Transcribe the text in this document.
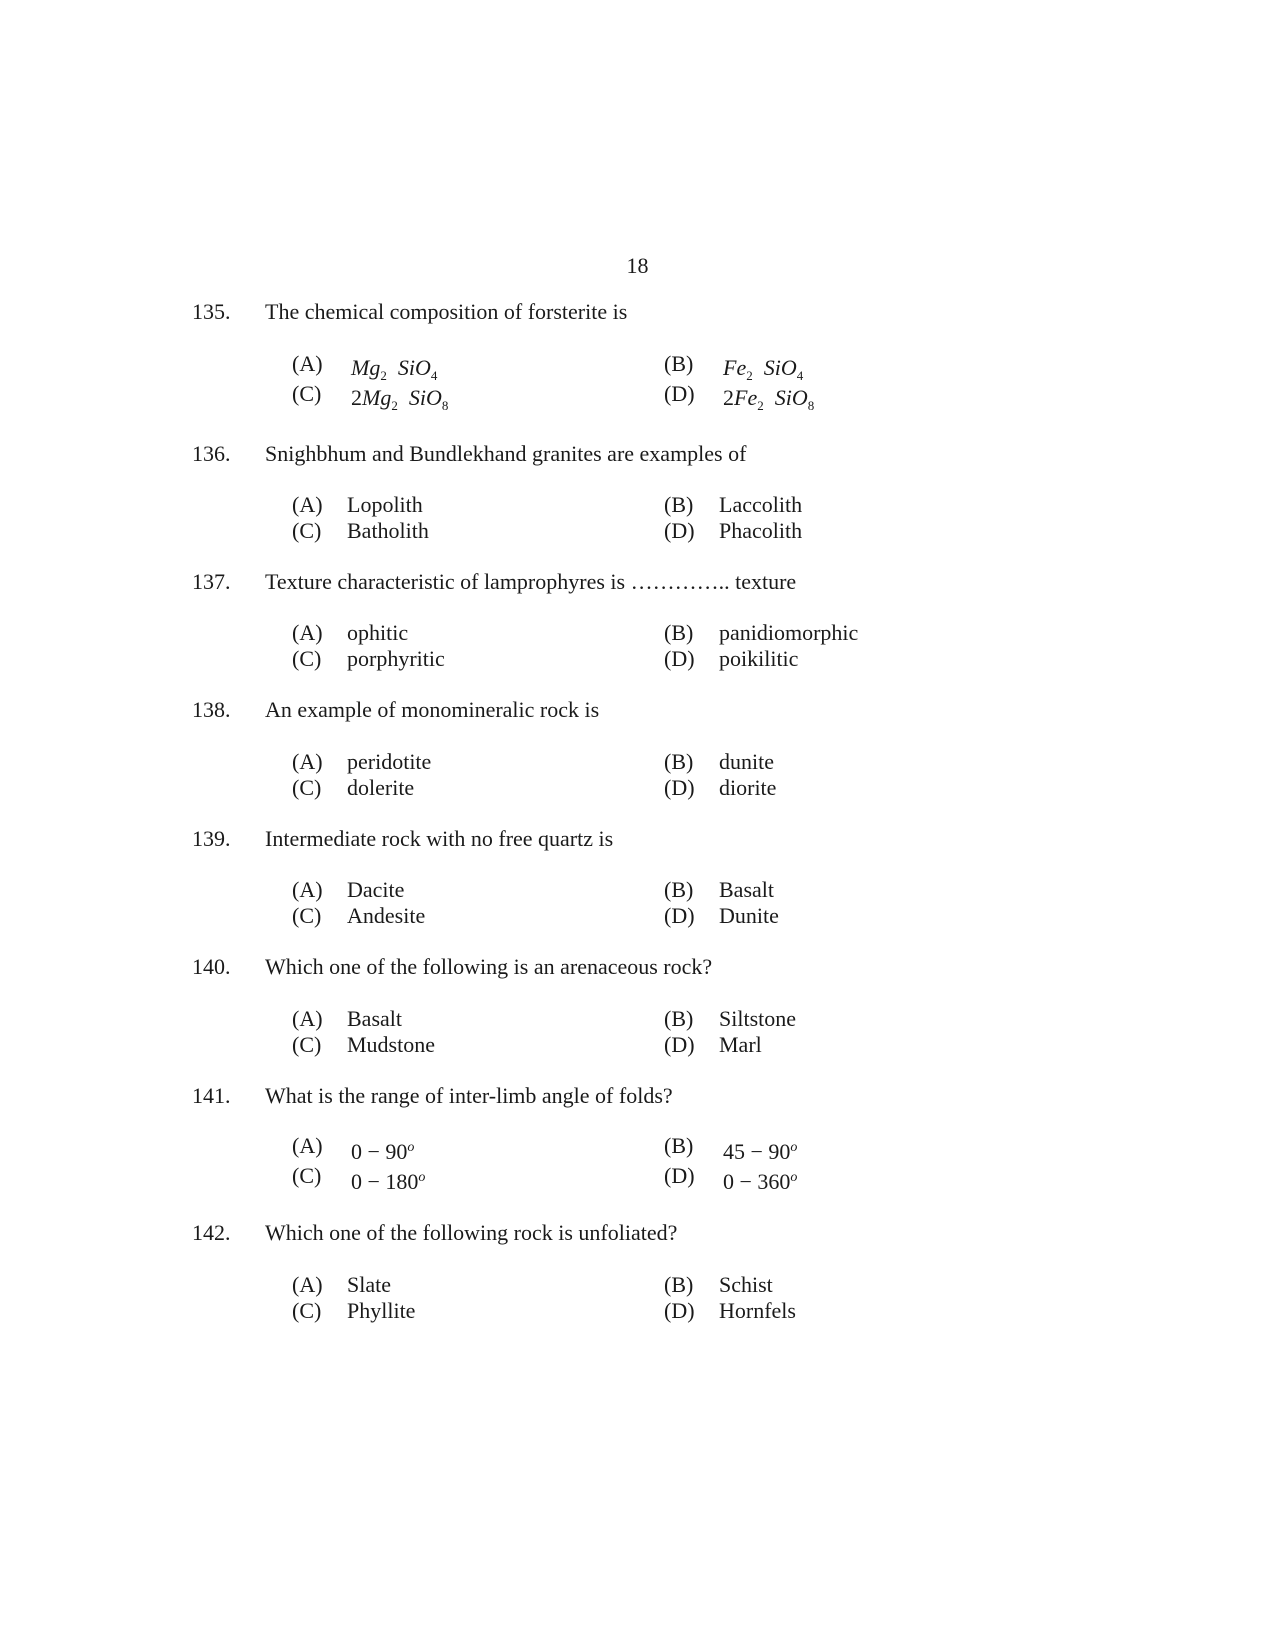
18
135. The chemical composition of forsterite is
(A) $Mg_2$ SiO$_4$	(B) $Fe_2$ SiO$_4$
(C) $2Mg_2$ SiO$_8$	(D) $2Fe_2$ SiO$_8$
136. Snighbhum and Bundlekhand granites are examples of
(A) Lopolith	(B) Laccolith
(C) Batholith	(D) Phacolith
137. Texture characteristic of lamprophyres is ………….. texture
(A) ophitic	(B) panidiomorphic
(C) porphyritic	(D) poikilitic
138. An example of monomineralic rock is
(A) peridotite	(B) dunite
(C) dolerite	(D) diorite
139. Intermediate rock with no free quartz is
(A) Dacite	(B) Basalt
(C) Andesite	(D) Dunite
140. Which one of the following is an arenaceous rock?
(A) Basalt	(B) Siltstone
(C) Mudstone	(D) Marl
141. What is the range of inter-limb angle of folds?
(A) $0 - 90^o$	(B) $45 - 90^o$
(C) $0 - 180^o$	(D) $0 - 360^o$
142. Which one of the following rock is unfoliated?
(A) Slate	(B) Schist
(C) Phyllite	(D) Hornfels
